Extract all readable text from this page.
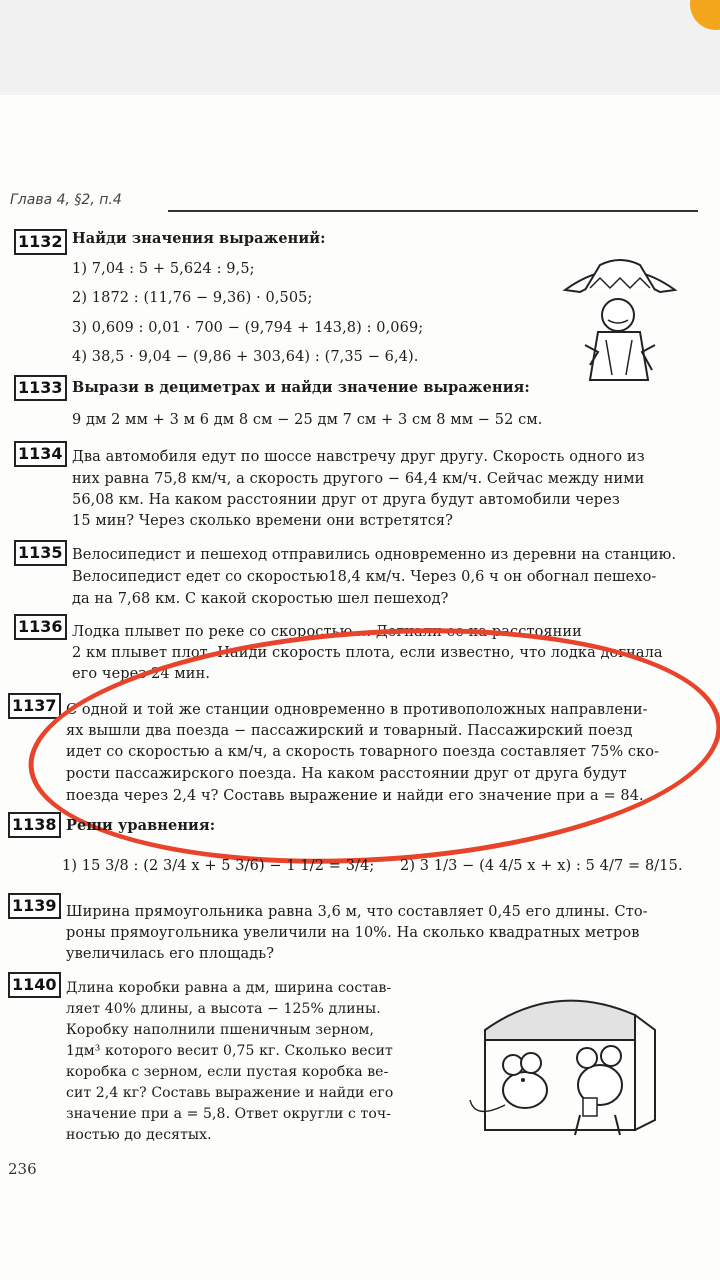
Глава 4, §2, п.4
1132 Найди значения выражений:
1) 7,04 : 5 + 5,624 : 9,5;
2) 1872 : (11,76 − 9,36) · 0,505;
3) 0,609 : 0,01 · 700 − (9,794 + 143,8) : 0,069;
4) 38,5 · 9,04 − (9,86 + 303,64) : (7,35 − 6,4).
1133 Вырази в дециметрах и найди значение выражения:
9 дм 2 мм + 3 м 6 дм 8 см − 25 дм 7 см + 3 см 8 мм − 52 см.
1134 Два автомобиля едут по шоссе навстречу друг другу. Скорость одного из
них равна 75,8 км/ч, а скорость другого − 64,4 км/ч. Сейчас между ними
56,08 км. На каком расстоянии друг от друга будут автомобили через
15 мин? Через сколько времени они встретятся?
1135 Велосипедист и пешеход отправились одновременно из деревни на станцию.
Велосипедист едет со скоростью18,4 км/ч. Через 0,6 ч он обогнал пешехо-
да на 7,68 км. С какой скоростью шел пешеход?
1136 Лодка плывет по реке со скоростью ... Догнали ее на расстоянии
2 км плывет плот. Найди скорость плота, если известно, что лодка догнала
его через 24 мин.
1137 С одной и той же станции одновременно в противоположных направлени-
ях вышли два поезда − пассажирский и товарный. Пассажирский поезд
идет со скоростью a км/ч, а скорость товарного поезда составляет 75% ско-
рости пассажирского поезда. На каком расстоянии друг от друга будут
поезда через 2,4 ч? Составь выражение и найди его значение при a = 84.
1138 Реши уравнения:
1) 15 3/8 : (2 3/4 x + 5 3/6) − 1 1/2 = 3/4; 2) 3 1/3 − (4 4/5 x + x) : 5 4/7 = 8/15.
1139 Ширина прямоугольника равна 3,6 м, что составляет 0,45 его длины. Сто-
роны прямоугольника увеличили на 10%. На сколько квадратных метров
увеличилась его площадь?
1140 Длина коробки равна a дм, ширина состав-
ляет 40% длины, а высота − 125% длины.
Коробку наполнили пшеничным зерном,
1дм³ которого весит 0,75 кг. Сколько весит
коробка с зерном, если пустая коробка ве-
сит 2,4 кг? Составь выражение и найди его
значение при a = 5,8. Ответ округли с точ-
ностью до десятых.
236
